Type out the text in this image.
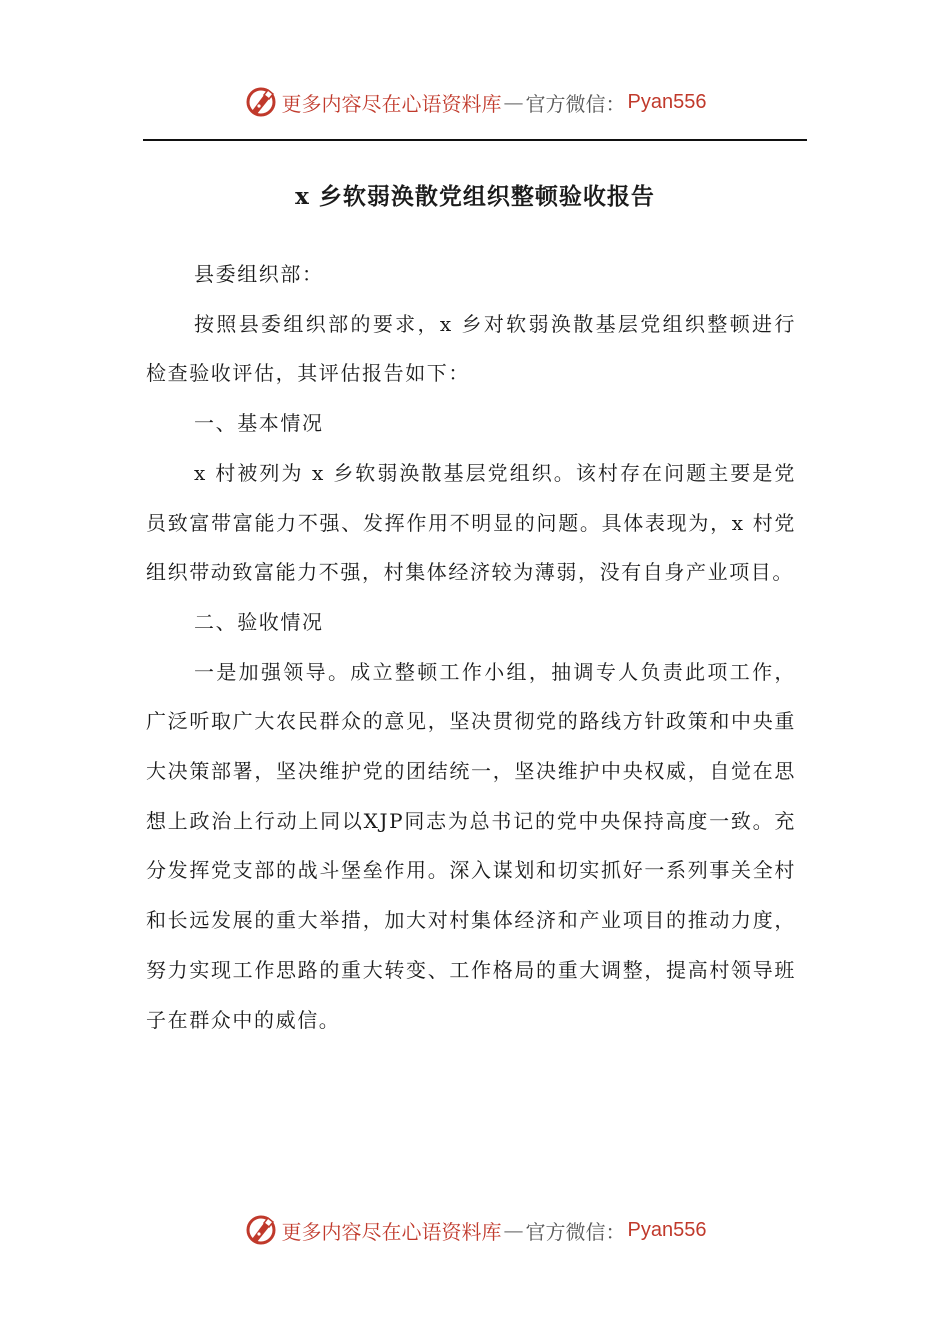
更多内容尽在心语资料库 — 官方微信： Pyan556
x 乡软弱涣散党组织整顿验收报告

县委组织部：

按照县委组织部的要求，x 乡对软弱涣散基层党组织整顿进行检查验收评估，其评估报告如下：

一、基本情况

x 村被列为 x 乡软弱涣散基层党组织。该村存在问题主要是党员致富带富能力不强、发挥作用不明显的问题。具体表现为，x 村党组织带动致富能力不强，村集体经济较为薄弱，没有自身产业项目。

二、验收情况

一是加强领导。成立整顿工作小组，抽调专人负责此项工作，广泛听取广大农民群众的意见，坚决贯彻党的路线方针政策和中央重大决策部署，坚决维护党的团结统一，坚决维护中央权威，自觉在思想上政治上行动上同以XJP同志为总书记的党中央保持高度一致。充分发挥党支部的战斗堡垒作用。深入谋划和切实抓好一系列事关全村和长远发展的重大举措，加大对村集体经济和产业项目的推动力度，努力实现工作思路的重大转变、工作格局的重大调整，提高村领导班子在群众中的威信。

更多内容尽在心语资料库 — 官方微信： Pyan556
